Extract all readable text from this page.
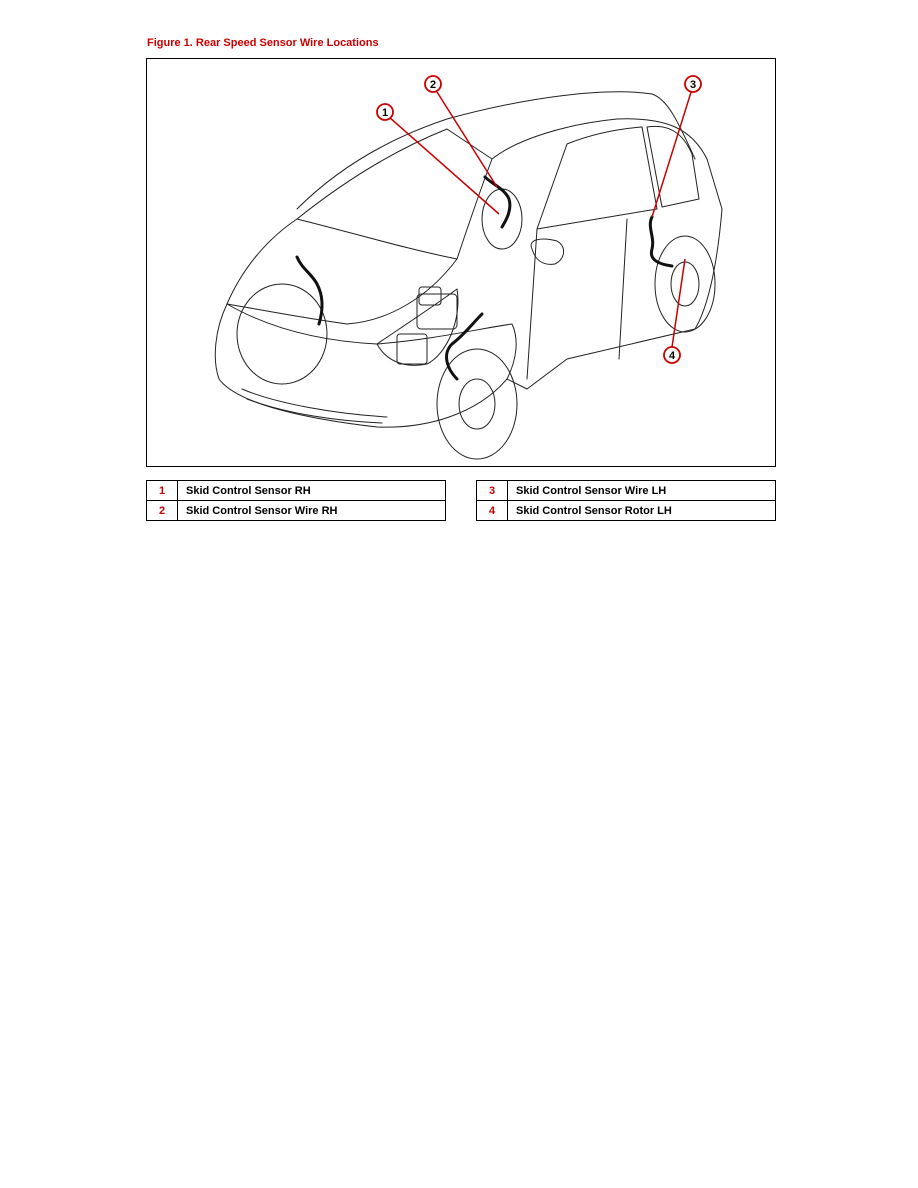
Figure 1. Rear Speed Sensor Wire Locations
1
2	3
4
1	Skid Control Sensor RH
2	Skid Control Sensor Wire RH
3	Skid Control Sensor Wire LH
4	Skid Control Sensor Rotor LH
